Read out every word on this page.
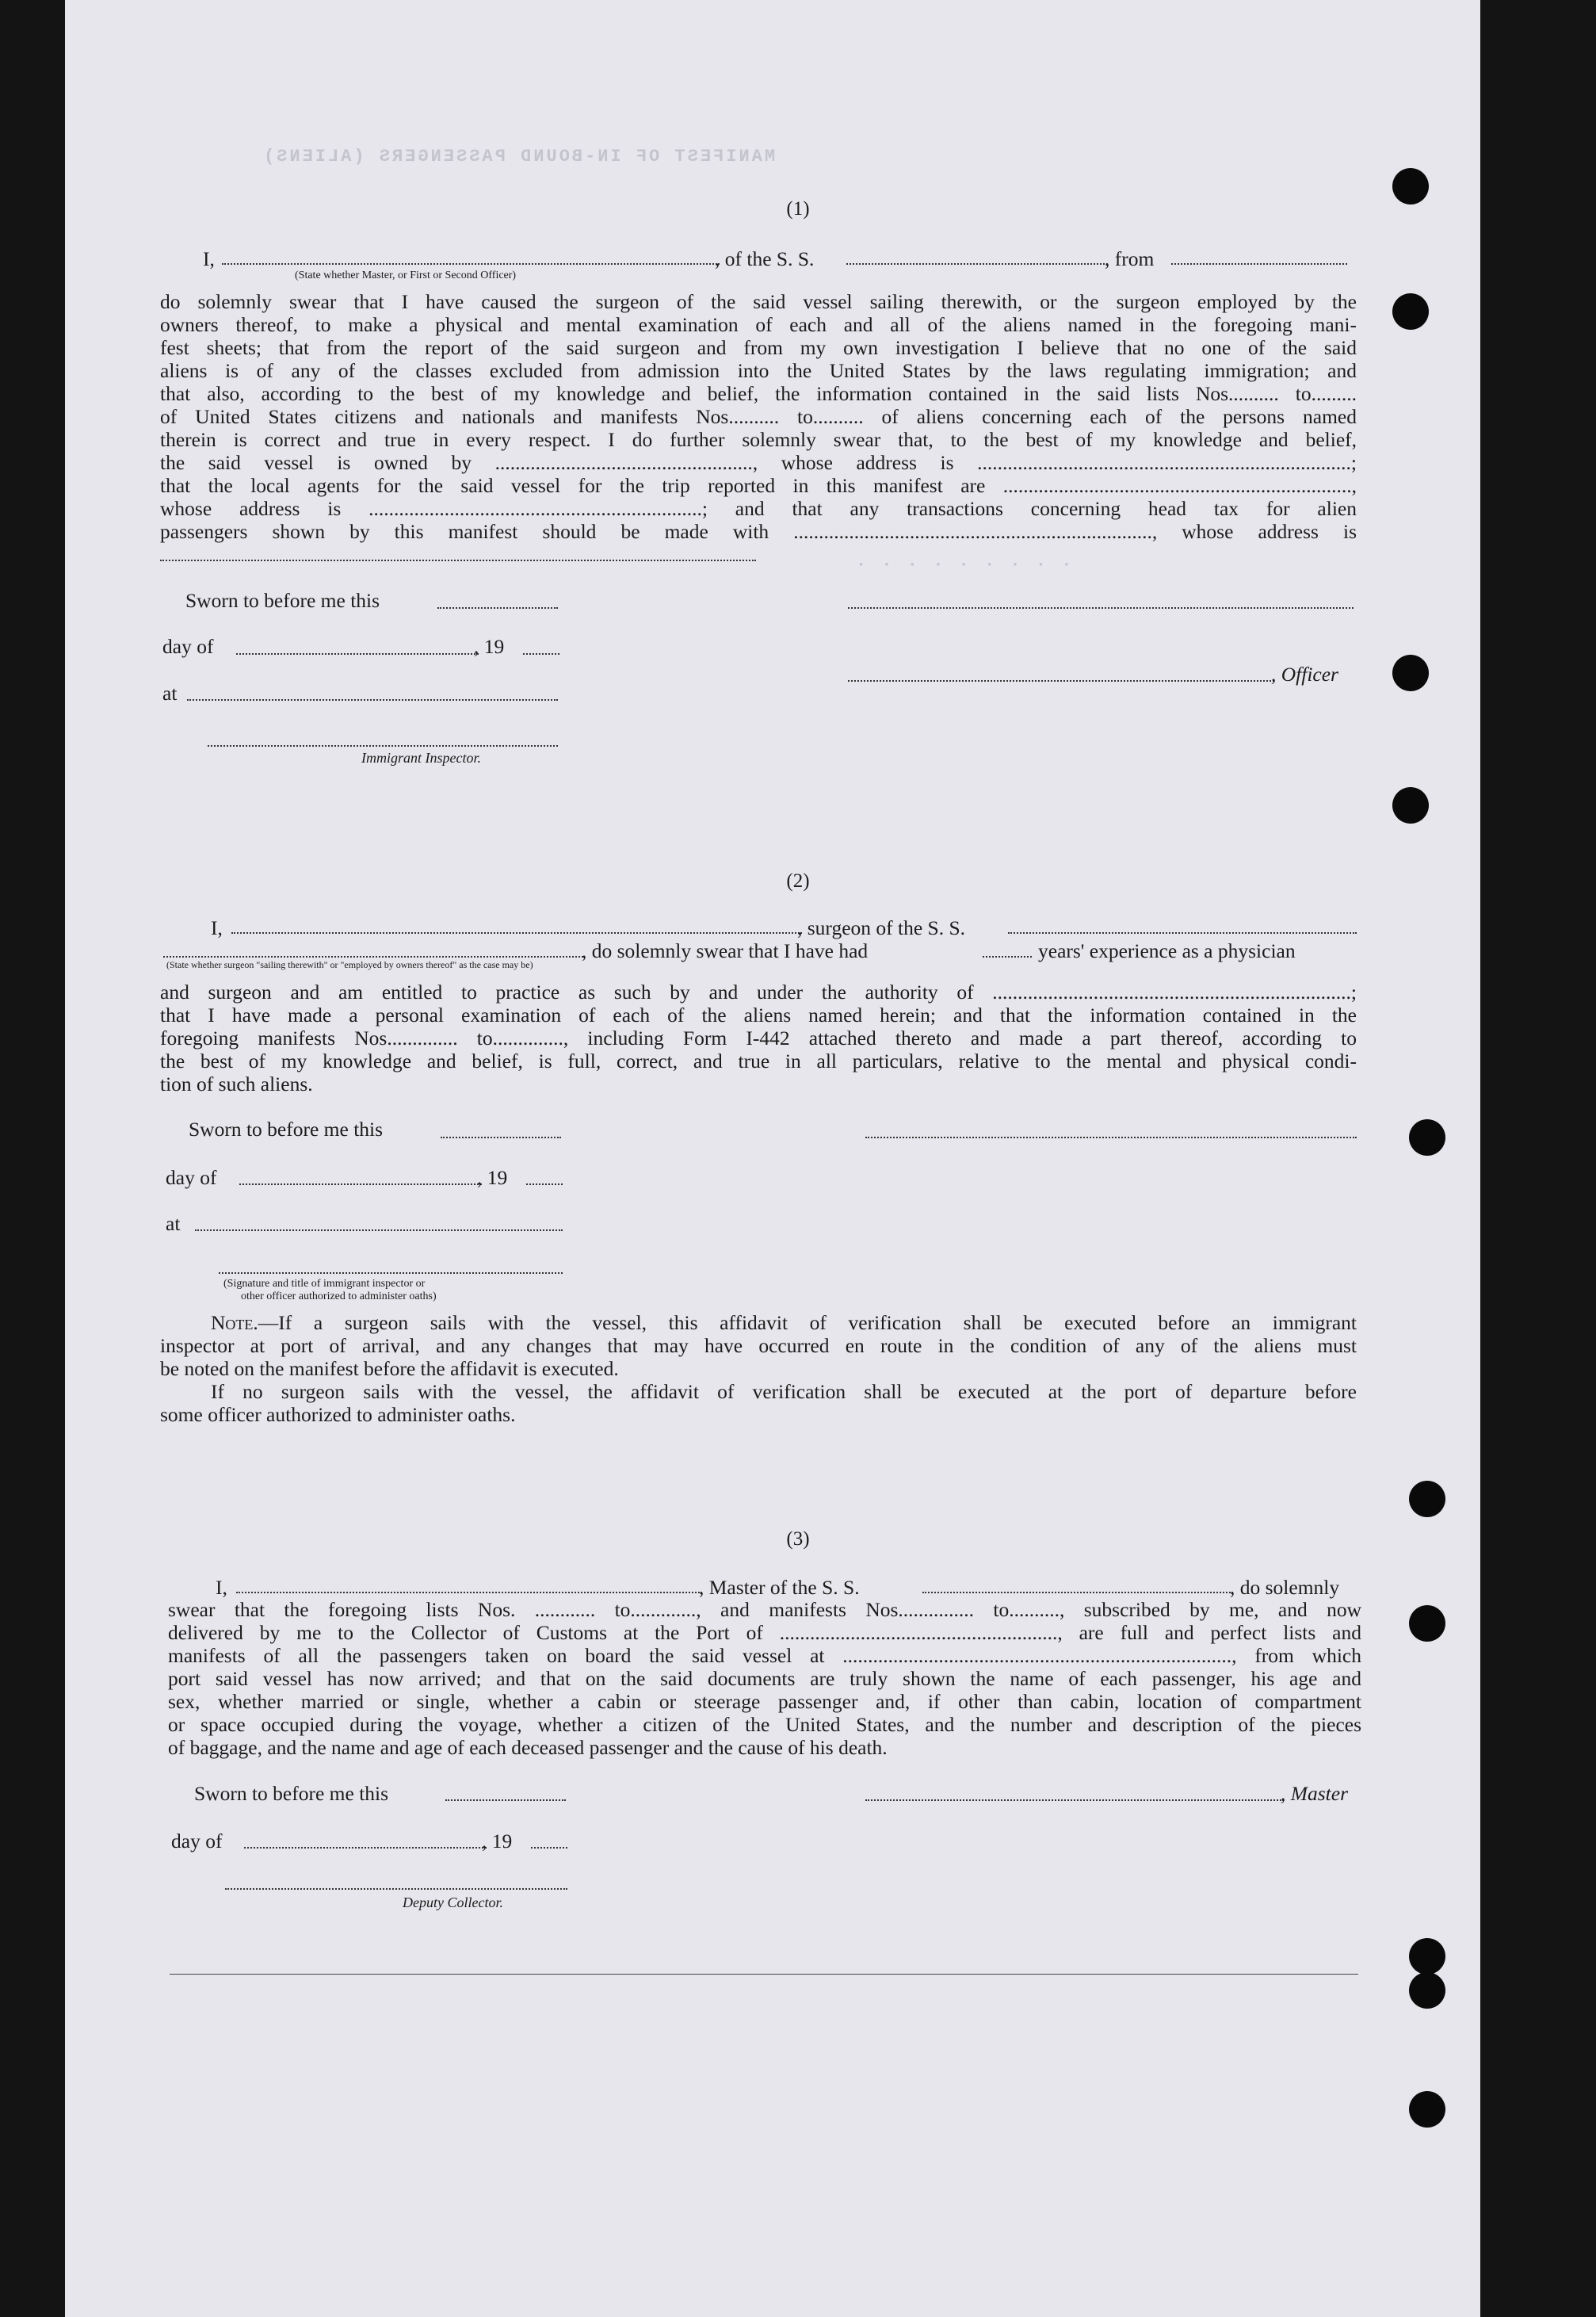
MANIFEST OF IN-BOUND PASSENGERS (ALIENS)
· · · · · · · · ·
(1)
I,	, of the S. S.	, from
(State whether Master, or First or Second Officer)
do solemnly swear that I have caused the surgeon of the said vessel sailing therewith, or the surgeon employed by the
owners thereof, to make a physical and mental examination of each and all of the aliens named in the foregoing mani-
fest sheets; that from the report of the said surgeon and from my own investigation I believe that no one of the said
aliens is of any of the classes excluded from admission into the United States by the laws regulating immigration; and
that also, according to the best of my knowledge and belief, the information contained in the said lists Nos.......... to.........
of United States citizens and nationals and manifests Nos.......... to.......... of aliens concerning each of the persons named
therein is correct and true in every respect. I do further solemnly swear that, to the best of my knowledge and belief,
the said vessel is owned by ..................................................., whose address is ..........................................................................;
that the local agents for the said vessel for the trip reported in this manifest are .....................................................................,
whose address is ..................................................................; and that any transactions concerning head tax for alien
passengers shown by this manifest should be made with ......................................................................., whose address is
Sworn to before me this
day of	, 19
, Officer
at
Immigrant Inspector.
(2)
I,	, surgeon of the S. S.
, do solemnly swear that I have had	years' experience as a physician
(State whether surgeon "sailing therewith" or "employed by owners thereof" as the case may be)
and surgeon and am entitled to practice as such by and under the authority of .......................................................................;
that I have made a personal examination of each of the aliens named herein; and that the information contained in the
foregoing manifests Nos.............. to.............., including Form I-442 attached thereto and made a part thereof, according to
the best of my knowledge and belief, is full, correct, and true in all particulars, relative to the mental and physical condi-
tion of such aliens.
Sworn to before me this
day of	, 19
at
(Signature and title of immigrant inspector or
other officer authorized to administer oaths)
Note.—If a surgeon sails with the vessel, this affidavit of verification shall be executed before an immigrant
inspector at port of arrival, and any changes that may have occurred en route in the condition of any of the aliens must
be noted on the manifest before the affidavit is executed.
If no surgeon sails with the vessel, the affidavit of verification shall be executed at the port of departure before
some officer authorized to administer oaths.
(3)
I,	, Master of the S. S.	, do solemnly
swear that the foregoing lists Nos. ............ to............., and manifests Nos............... to.........., subscribed by me, and now
delivered by me to the Collector of Customs at the Port of ......................................................., are full and perfect lists and
manifests of all the passengers taken on board the said vessel at ............................................................................., from which
port said vessel has now arrived; and that on the said documents are truly shown the name of each passenger, his age and
sex, whether married or single, whether a cabin or steerage passenger and, if other than cabin, location of compartment
or space occupied during the voyage, whether a citizen of the United States, and the number and description of the pieces
of baggage, and the name and age of each deceased passenger and the cause of his death.
Sworn to before me this	, Master
day of	, 19
Deputy Collector.
